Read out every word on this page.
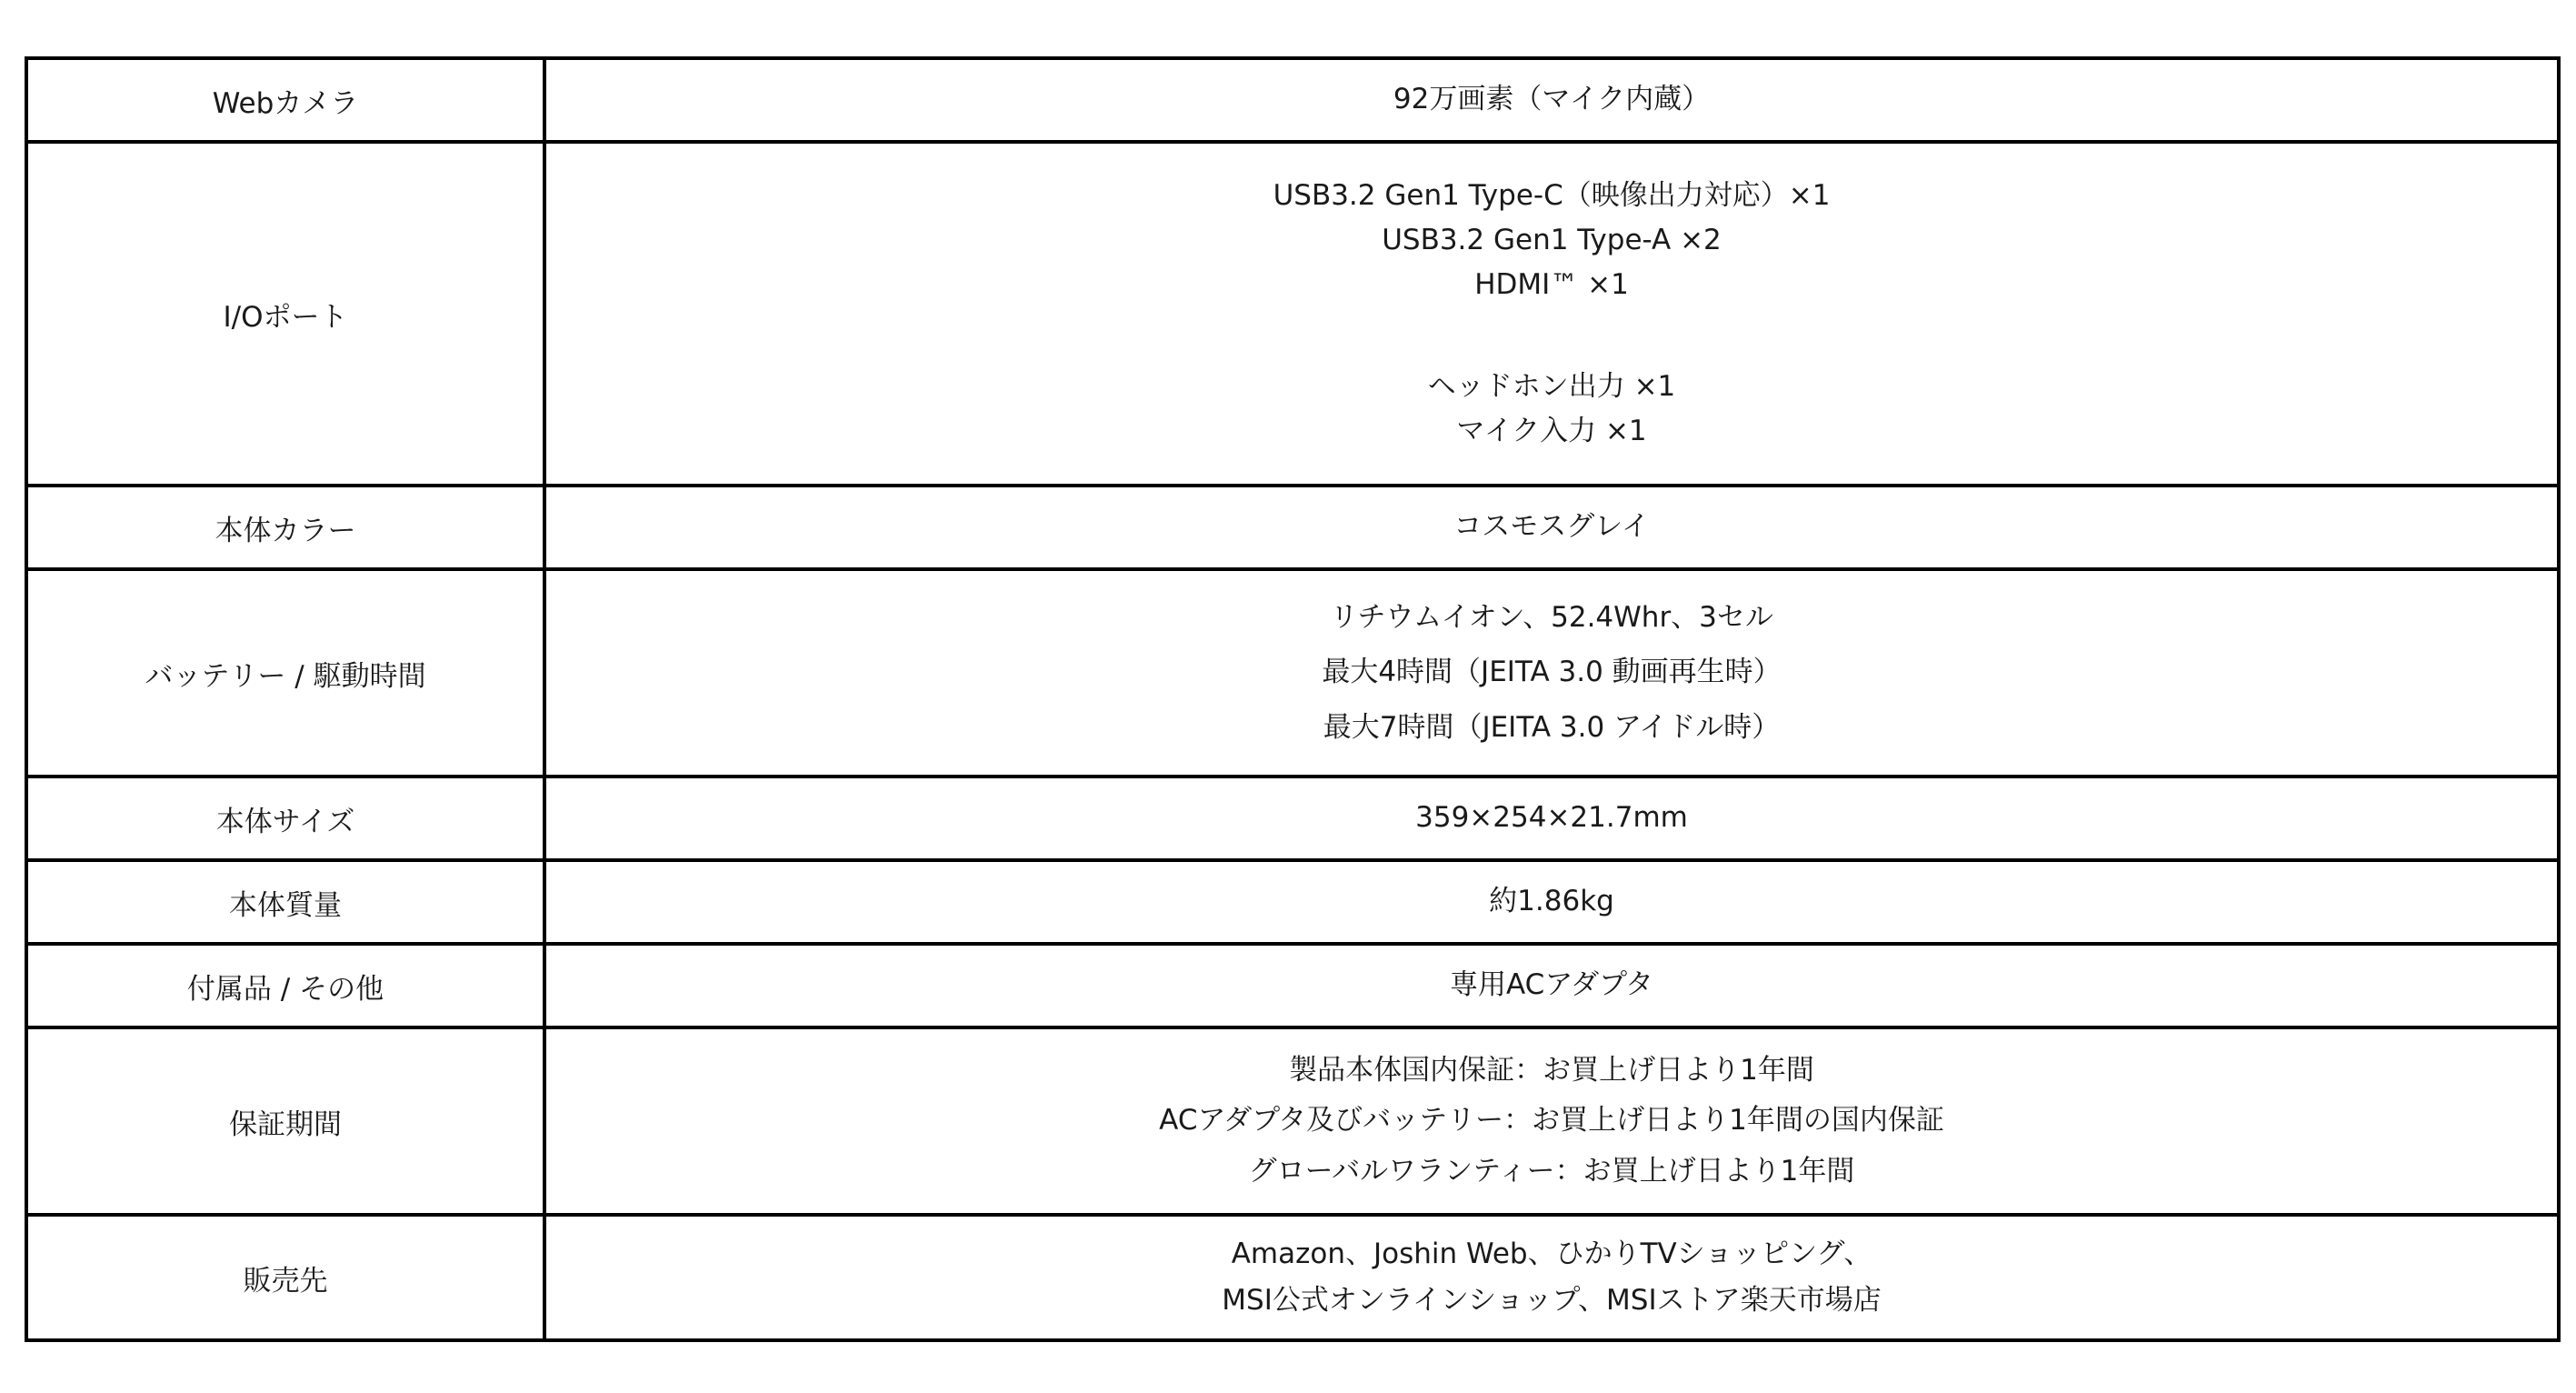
Webカメラ	92万画素（マイク内蔵）

I/Oポート	USB3.2 Gen1 Type-C（映像出力対応）×1
USB3.2 Gen1 Type-A ×2
HDMI™ ×1
ヘッドホン出力 ×1
マイク入力 ×1

本体カラー	コスモスグレイ

バッテリー / 駆動時間	リチウムイオン、52.4Whr、3セル
最大4時間（JEITA 3.0 動画再生時）
最大7時間（JEITA 3.0 アイドル時）

本体サイズ	359×254×21.7mm

本体質量	約1.86kg

付属品 / その他	専用ACアダプタ

保証期間	製品本体国内保証：お買上げ日より1年間
ACアダプタ及びバッテリー：お買上げ日より1年間の国内保証
グローバルワランティー：お買上げ日より1年間

販売先	Amazon、Joshin Web、ひかりTVショッピング、
MSI公式オンラインショップ、MSIストア楽天市場店
